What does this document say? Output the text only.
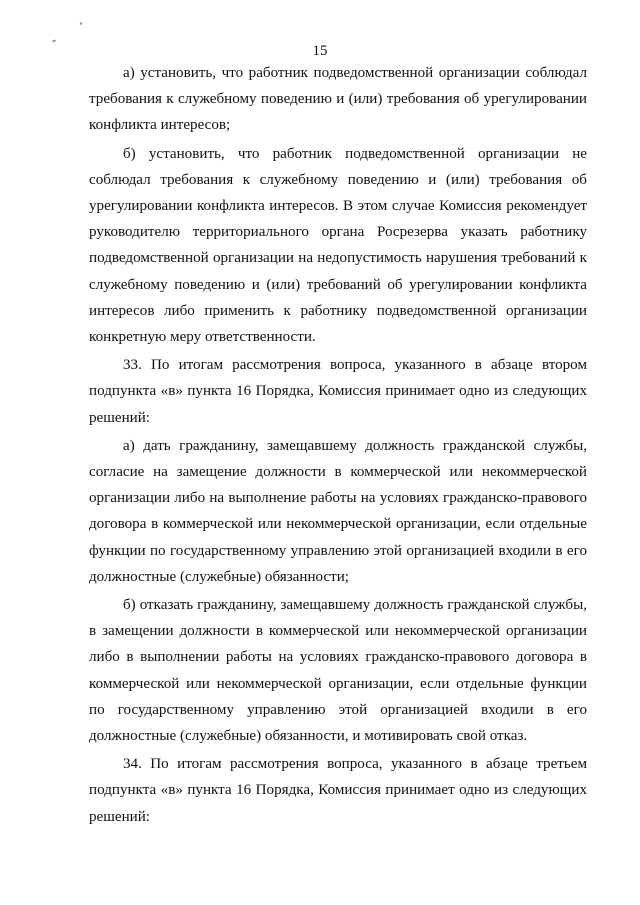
15

а) установить, что работник подведомственной организации соблюдал требования к служебному поведению и (или) требования об урегулировании конфликта интересов;

б) установить, что работник подведомственной организации не соблюдал требования к служебному поведению и (или) требования об урегулировании конфликта интересов. В этом случае Комиссия рекомендует руководителю территориального органа Росрезерва указать работнику подведомственной организации на недопустимость нарушения требований к служебному поведению и (или) требований об урегулировании конфликта интересов либо применить к работнику подведомственной организации конкретную меру ответственности.

33. По итогам рассмотрения вопроса, указанного в абзаце втором подпункта «в» пункта 16 Порядка, Комиссия принимает одно из следующих решений:

а) дать гражданину, замещавшему должность гражданской службы, согласие на замещение должности в коммерческой или некоммерческой организации либо на выполнение работы на условиях гражданско-правового договора в коммерческой или некоммерческой организации, если отдельные функции по государственному управлению этой организацией входили в его должностные (служебные) обязанности;

б) отказать гражданину, замещавшему должность гражданской службы, в замещении должности в коммерческой или некоммерческой организации либо в выполнении работы на условиях гражданско-правового договора в коммерческой или некоммерческой организации, если отдельные функции по государственному управлению этой организацией входили в его должностные (служебные) обязанности, и мотивировать свой отказ.

34. По итогам рассмотрения вопроса, указанного в абзаце третьем подпункта «в» пункта 16 Порядка, Комиссия принимает одно из следующих решений:
